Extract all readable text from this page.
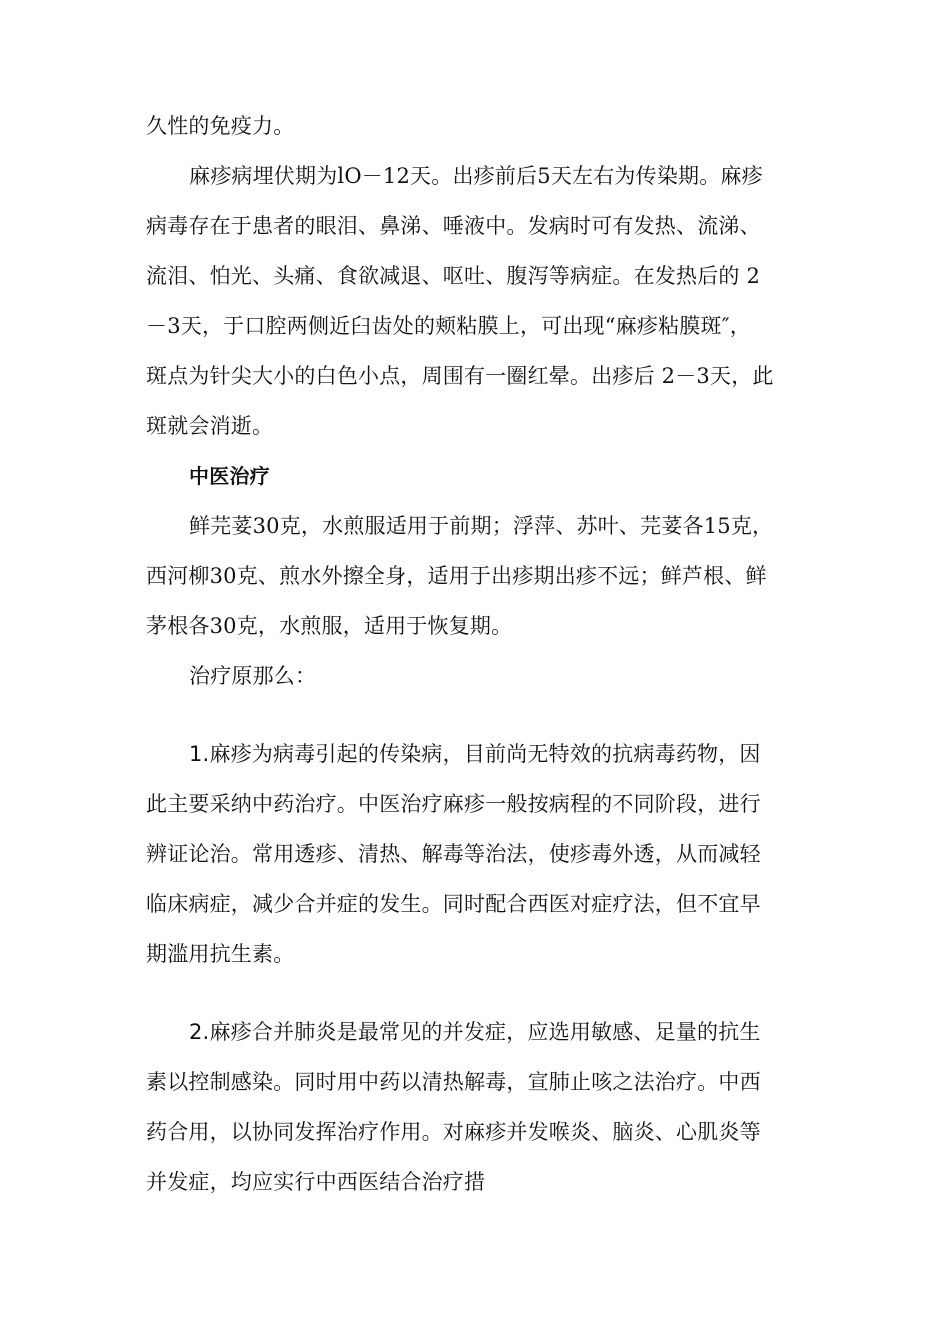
久性的免疫力。
麻疹病埋伏期为lO－12天。出疹前后5天左右为传染期。麻疹
病毒存在于患者的眼泪、鼻涕、唾液中。发病时可有发热、流涕、
流泪、怕光、头痛、食欲减退、呕吐、腹泻等病症。在发热后的 2
－3天，于口腔两侧近臼齿处的颊粘膜上，可出现“麻疹粘膜斑″，
斑点为针尖大小的白色小点，周围有一圈红晕。出疹后 2－3天，此
斑就会消逝。
中医治疗
鲜芫荽30克，水煎服适用于前期；浮萍、苏叶、芫荽各15克，
西河柳30克、煎水外擦全身，适用于出疹期出疹不远；鲜芦根、鲜
茅根各30克，水煎服，适用于恢复期。
治疗原那么：
1.麻疹为病毒引起的传染病，目前尚无特效的抗病毒药物，因
此主要采纳中药治疗。中医治疗麻疹一般按病程的不同阶段，进行
辨证论治。常用透疹、清热、解毒等治法，使疹毒外透，从而减轻
临床病症，减少合并症的发生。同时配合西医对症疗法，但不宜早
期滥用抗生素。
2.麻疹合并肺炎是最常见的并发症，应选用敏感、足量的抗生
素以控制感染。同时用中药以清热解毒，宣肺止咳之法治疗。中西
药合用，以协同发挥治疗作用。对麻疹并发喉炎、脑炎、心肌炎等
并发症，均应实行中西医结合治疗措
